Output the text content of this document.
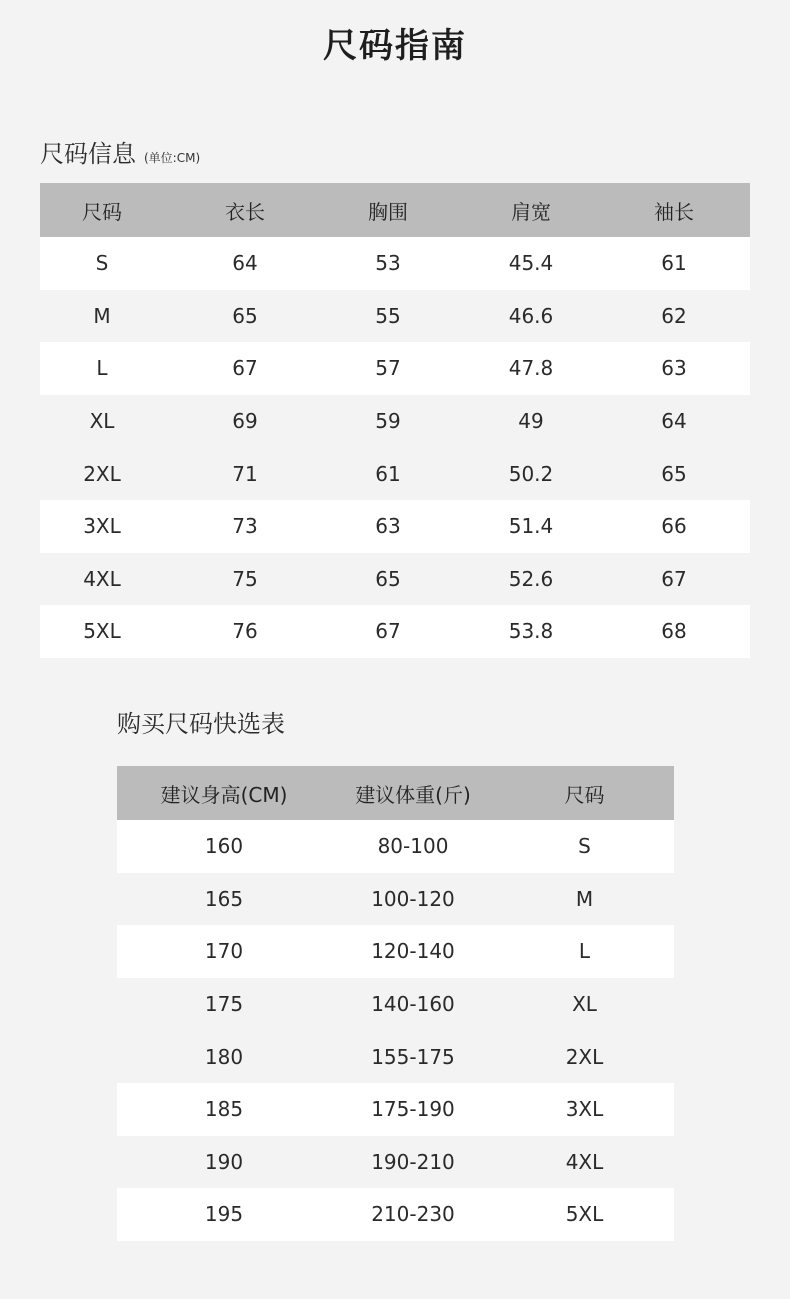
尺码指南
尺码信息 (单位:CM)
尺码	衣长	胸围	肩宽	袖长
S	64	53	45.4	61
M	65	55	46.6	62
L	67	57	47.8	63
XL	69	59	49	64
2XL	71	61	50.2	65
3XL	73	63	51.4	66
4XL	75	65	52.6	67
5XL	76	67	53.8	68
购买尺码快选表
建议身高(CM)	建议体重(斤)	尺码
160	80-100	S
165	100-120	M
170	120-140	L
175	140-160	XL
180	155-175	2XL
185	175-190	3XL
190	190-210	4XL
195	210-230	5XL
